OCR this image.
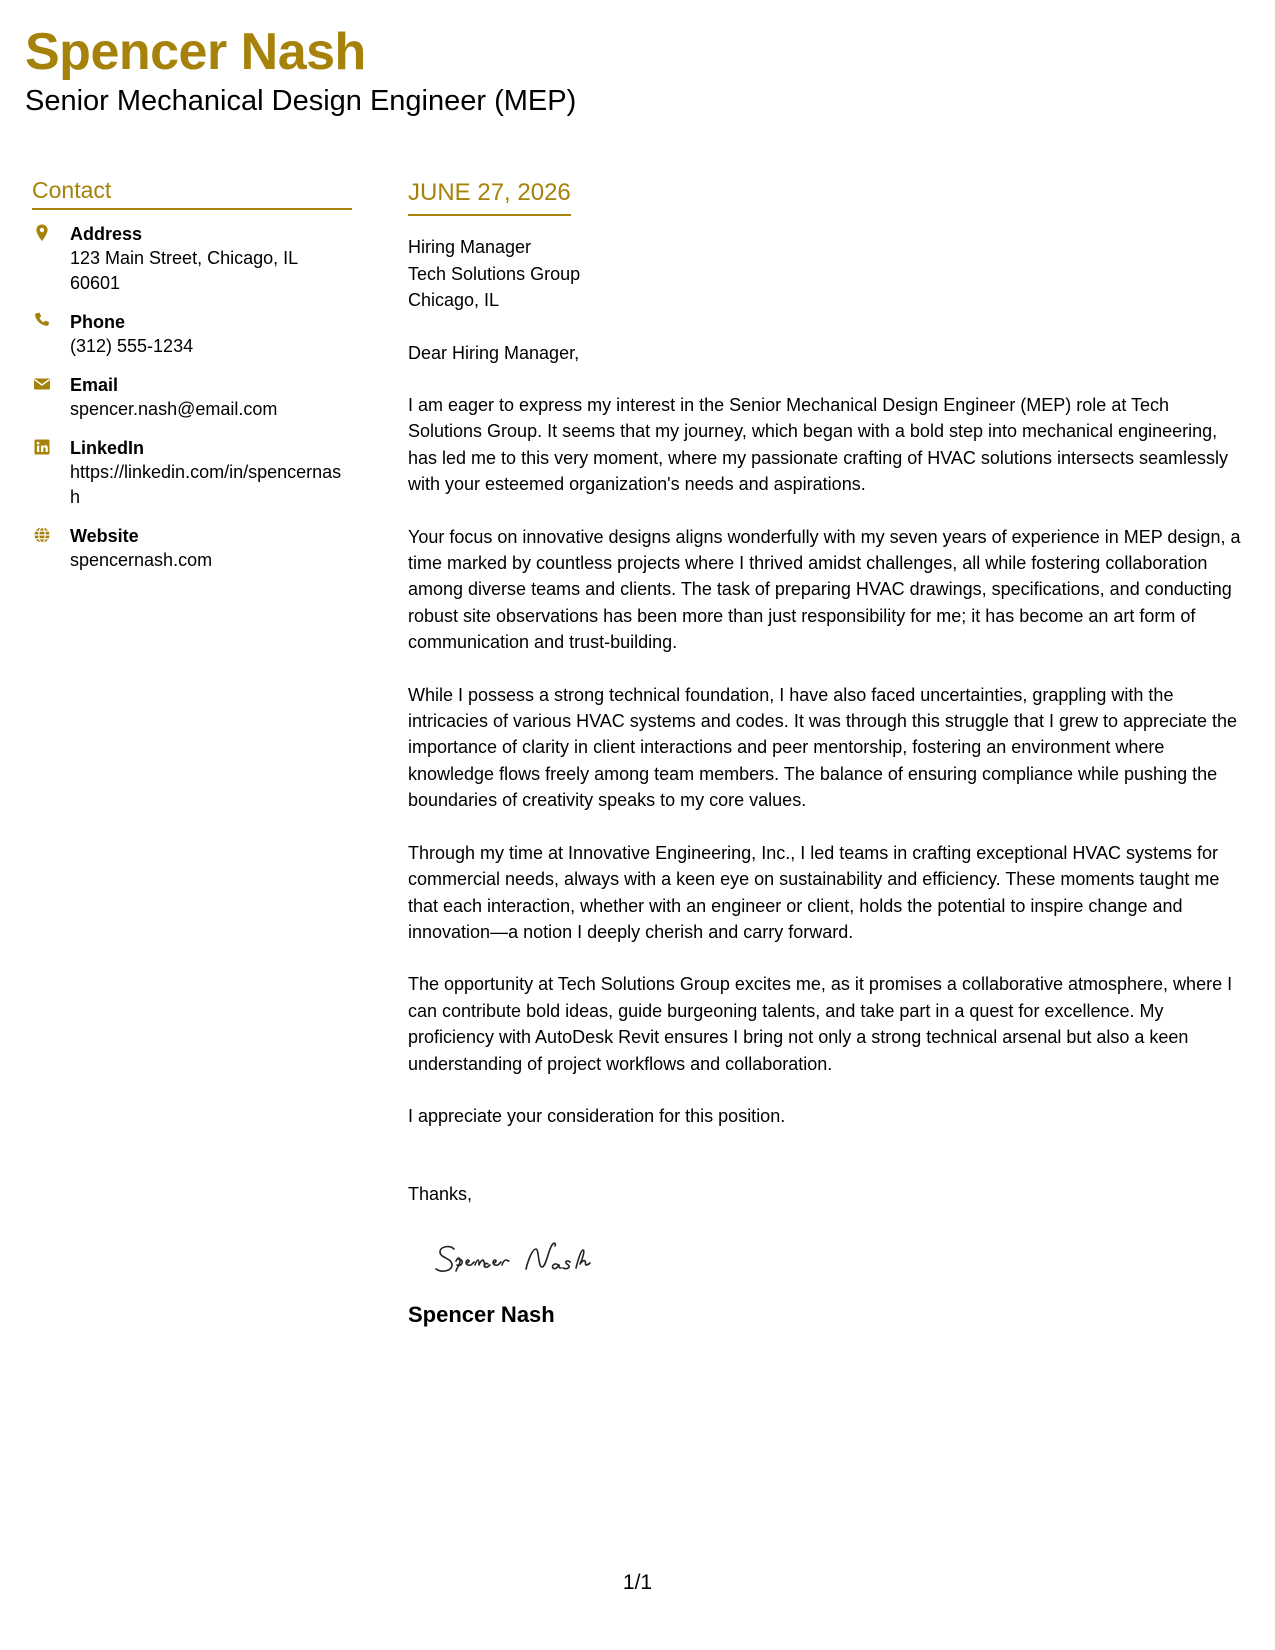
Spencer Nash
Senior Mechanical Design Engineer (MEP)
Contact
Address
123 Main Street, Chicago, IL 60601
Phone
(312) 555-1234
Email
spencer.nash@email.com
LinkedIn
https://linkedin.com/in/spencernash
Website
spencernash.com
JUNE 27, 2026
Hiring Manager
Tech Solutions Group
Chicago, IL
Dear Hiring Manager,

I am eager to express my interest in the Senior Mechanical Design Engineer (MEP) role at Tech Solutions Group. It seems that my journey, which began with a bold step into mechanical engineering, has led me to this very moment, where my passionate crafting of HVAC solutions intersects seamlessly with your esteemed organization's needs and aspirations.

Your focus on innovative designs aligns wonderfully with my seven years of experience in MEP design, a time marked by countless projects where I thrived amidst challenges, all while fostering collaboration among diverse teams and clients. The task of preparing HVAC drawings, specifications, and conducting robust site observations has been more than just responsibility for me; it has become an art form of communication and trust-building.

While I possess a strong technical foundation, I have also faced uncertainties, grappling with the intricacies of various HVAC systems and codes. It was through this struggle that I grew to appreciate the importance of clarity in client interactions and peer mentorship, fostering an environment where knowledge flows freely among team members. The balance of ensuring compliance while pushing the boundaries of creativity speaks to my core values.

Through my time at Innovative Engineering, Inc., I led teams in crafting exceptional HVAC systems for commercial needs, always with a keen eye on sustainability and efficiency. These moments taught me that each interaction, whether with an engineer or client, holds the potential to inspire change and innovation—a notion I deeply cherish and carry forward.

The opportunity at Tech Solutions Group excites me, as it promises a collaborative atmosphere, where I can contribute bold ideas, guide burgeoning talents, and take part in a quest for excellence. My proficiency with AutoDesk Revit ensures I bring not only a strong technical arsenal but also a keen understanding of project workflows and collaboration.

I appreciate your consideration for this position.

Thanks,
Spencer Nash
1/1
